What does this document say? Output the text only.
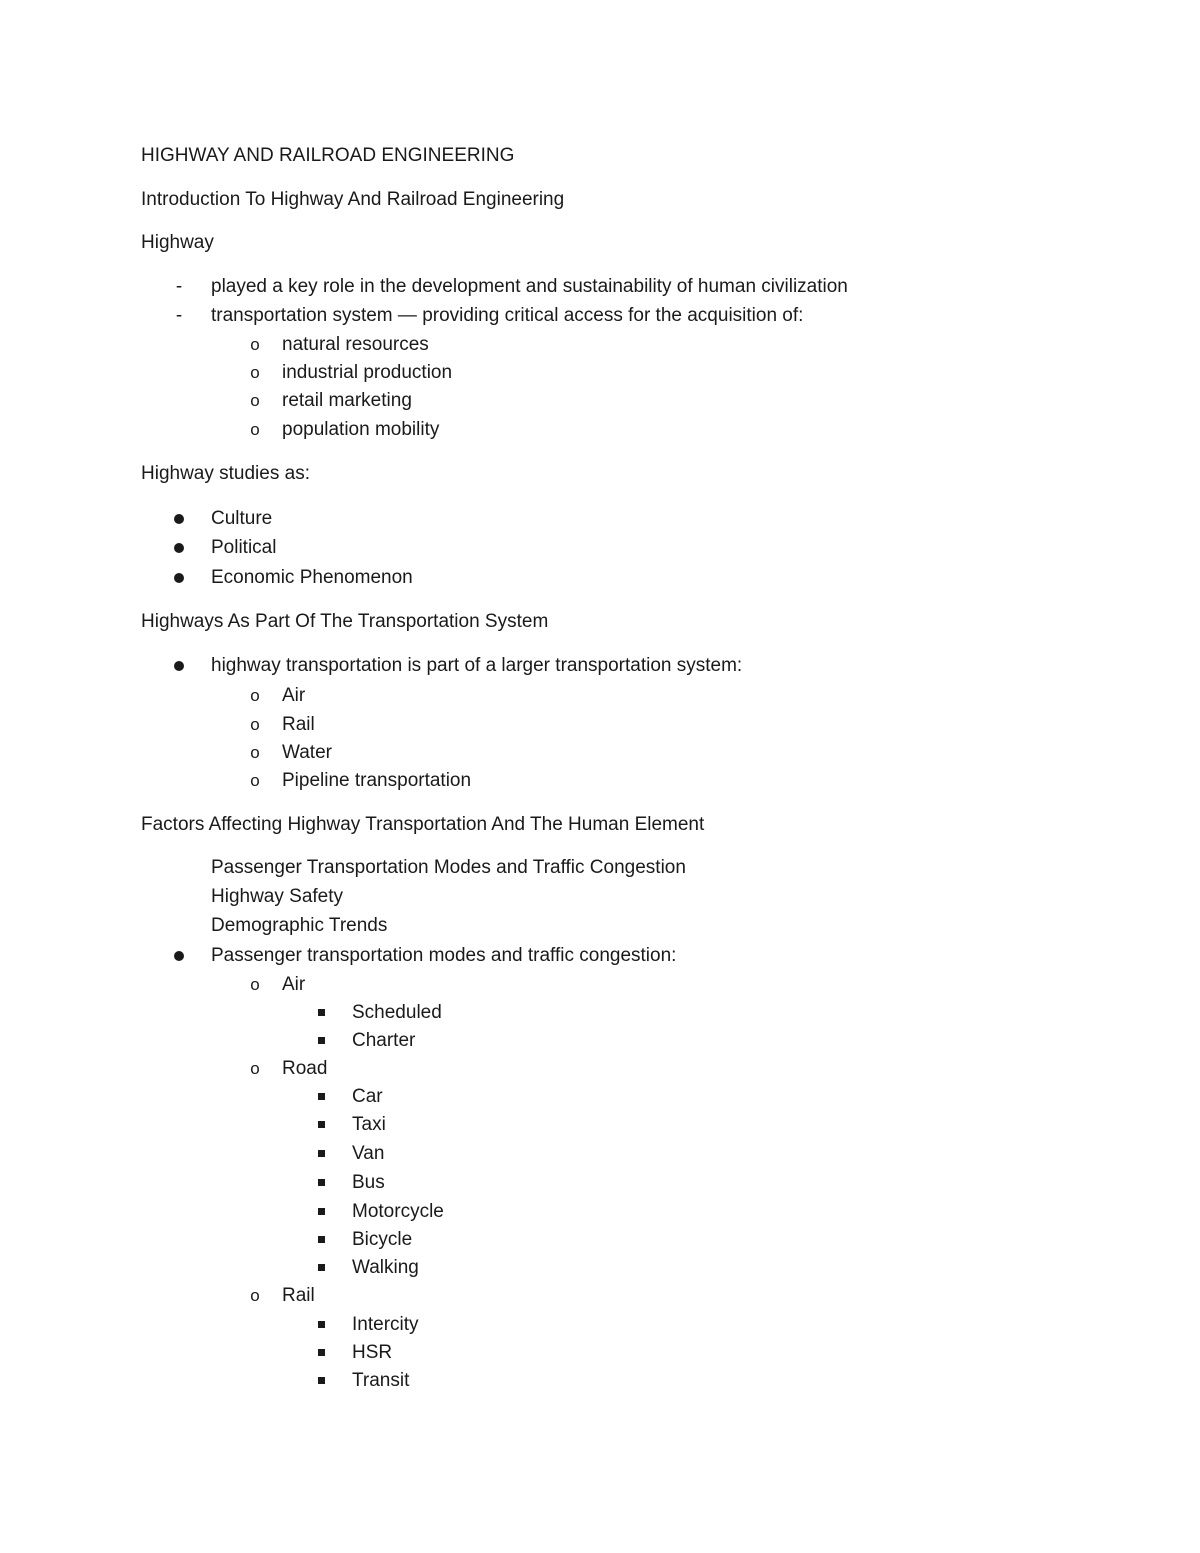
HIGHWAY AND RAILROAD ENGINEERING
Introduction To Highway And Railroad Engineering
Highway
- played a key role in the development and sustainability of human civilization
- transportation system — providing critical access for the acquisition of:
o natural resources
o industrial production
o retail marketing
o population mobility
Highway studies as:
Culture
Political
Economic Phenomenon
Highways As Part Of The Transportation System
highway transportation is part of a larger transportation system:
o Air
o Rail
o Water
o Pipeline transportation
Factors Affecting Highway Transportation And The Human Element
Passenger Transportation Modes and Traffic Congestion
Highway Safety
Demographic Trends
Passenger transportation modes and traffic congestion:
o Air
Scheduled
Charter
o Road
Car
Taxi
Van
Bus
Motorcycle
Bicycle
Walking
o Rail
Intercity
HSR
Transit
